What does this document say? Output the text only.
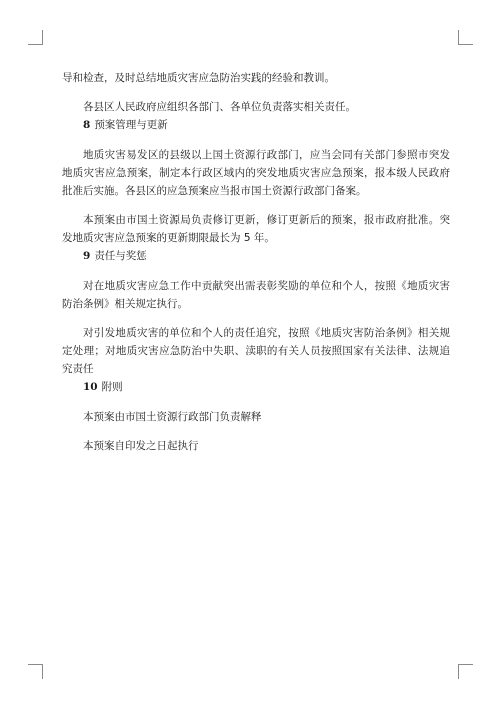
导和检查，及时总结地质灾害应急防治实践的经验和教训。

各县区人民政府应组织各部门、各单位负责落实相关责任。

8 预案管理与更新

地质灾害易发区的县级以上国土资源行政部门，应当会同有关部门参照市突发地质灾害应急预案，制定本行政区域内的突发地质灾害应急预案，报本级人民政府批准后实施。各县区的应急预案应当报市国土资源行政部门备案。

本预案由市国土资源局负责修订更新，修订更新后的预案，报市政府批准。突发地质灾害应急预案的更新期限最长为 5 年。

9 责任与奖惩

对在地质灾害应急工作中贡献突出需表彰奖励的单位和个人，按照《地质灾害防治条例》相关规定执行。

对引发地质灾害的单位和个人的责任追究，按照《地质灾害防治条例》相关规定处理；对地质灾害应急防治中失职、渎职的有关人员按照国家有关法律、法规追究责任

10 附则

本预案由市国土资源行政部门负责解释

本预案自印发之日起执行
